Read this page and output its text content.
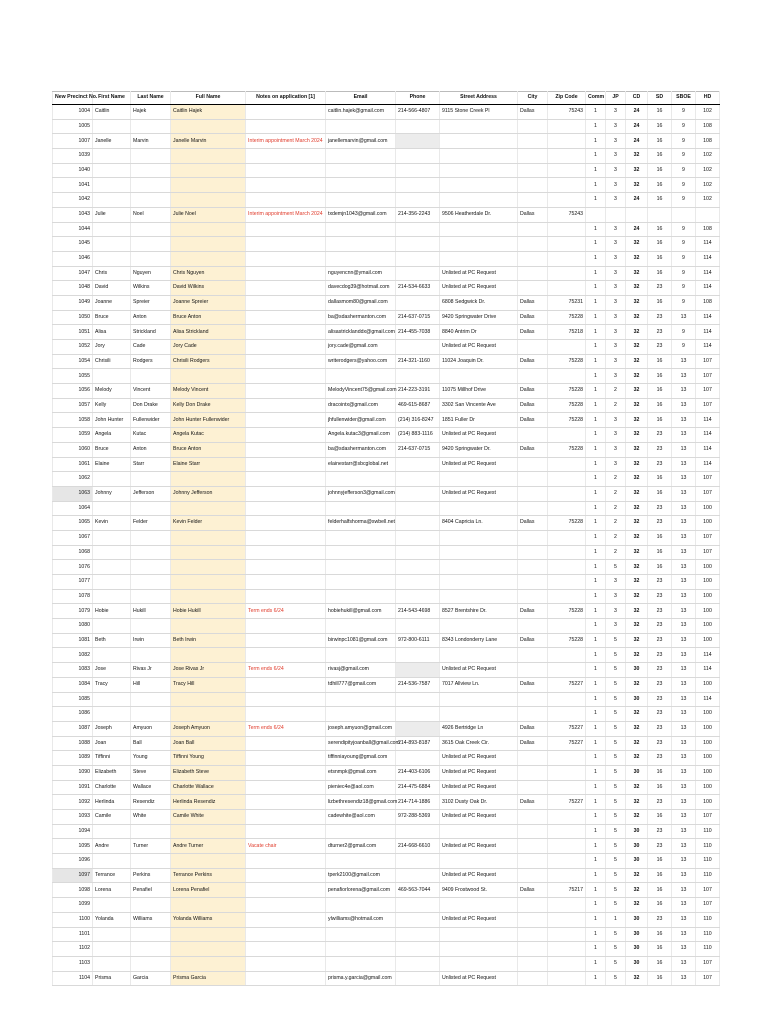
New Precinct No.	First Name	Last Name	Full Name	Notes on application [1]	Email	Phone	Street Address	City	Zip Code	Comm	JP	CD	SD	SBOE	HD
1004	Caitlin	Hajek	Caitlin Hajek		caitlin.hajek@gmail.com	214-566-4807	9115 Stone Creek Pl	Dallas	75243	1	3	24	16	9	102
1005										1	3	24	16	9	108
1007	Janelle	Marvin	Janelle Marvin	Interim appointment March 2024	janellemarvin@gmail.com					1	3	24	16	9	108
1039										1	3	32	16	9	102
1040										1	3	32	16	9	102
1041										1	3	32	16	9	102
1042										1	3	24	16	9	102
1043	Julie	Noel	Julie Noel	Interim appointment March 2024	txdemjn1043@gmail.com	214-356-2243	9506 Heatherdale Dr.	Dallas	75243						
1044										1	3	24	16	9	108
1045										1	3	32	16	9	114
1046										1	3	32	16	9	114
1047	Chris	Nguyen	Chris Nguyen		nguyencnn@ymail.com		Unlisted at PC Request			1	3	32	16	9	114
1048	David	Wilkins	David Wilkins		davecdog39@hotmail.com	214-534-6633	Unlisted at PC Request			1	3	32	23	9	114
1049	Joanne	Spreier	Joanne Spreier		dallasmom80@gmail.com		6808 Sedgwick Dr.	Dallas	75231	1	3	32	16	9	108
1050	Bruce	Anton	Bruce Anton		ba@sdashermanton.com	214-637-0715	9420 Springwater Drive	Dallas	75228	1	3	32	23	13	114
1051	Alisa	Strickland	Alisa Strickland		alisastricklanddx@gmail.com	214-455-7038	8840 Antrim Dr	Dallas	75218	1	3	32	23	9	114
1052	Jory	Cade	Jory Cade		jory.cade@gmail.com		Unlisted at PC Request			1	3	32	23	9	114
1054	Chrisili	Rodgers	Chrisili Rodgers		writerodgers@yahoo.com	214-321-1160	11024 Joaquin Dr.	Dallas	75228	1	3	32	16	13	107
1055										1	3	32	16	13	107
1056	Melody	Vincent	Melody Vincent		MelodyVincent75@gmail.com	214-223-3191	11075 Millhof Drive	Dallas	75228	1	2	32	16	13	107
1057	Kelly	Don Drake	Kelly Don Drake		dracointx@gmail.com	469-615-8687	3302 San Vincente Ave	Dallas	75228	1	2	32	16	13	107
1058	John Hunter	Fullenwider	John Hunter Fullenwider		jhfullenwider@gmail.com	(214) 316-8247	1851 Fuller Dr	Dallas	75228	1	3	32	16	13	114
1059	Angela	Kutac	Angela Kutac		Angela.kutac3@gmail.com	(214) 883-1116	Unlisted at PC Request			1	3	32	23	13	114
1060	Bruce	Anton	Bruce Anton		ba@sdashermanton.com	214-637-0715	9420 Springwater Dr.	Dallas	75228	1	3	32	23	13	114
1061	Elaine	Starr	Elaine Starr		elainestarr@sbcglobal.net		Unlisted at PC Request			1	3	32	23	13	114
1062										1	2	32	16	13	107
1063	Johnny	Jefferson	Johnny Jefferson		johnnyjefferson3@gmail.com		Unlisted at PC Request			1	2	32	16	13	107
1064										1	2	32	23	13	100
1065	Kevin	Felder	Kevin Felder		felderhalfshorma@swbell.net		8404 Capricia Ln.	Dallas	75228	1	2	32	23	13	100
1067										1	2	32	16	13	107
1068										1	2	32	16	13	107
1076										1	5	32	16	13	100
1077										1	3	32	23	13	100
1078										1	3	32	23	13	100
1079	Hobie	Hukill	Hobie Hukill	Term ends 6/24	hobiehukill@gmail.com	214-543-4698	8527 Brentshire Dr.	Dallas	75228	1	3	32	23	13	100
1080										1	3	32	23	13	100
1081	Beth	Irwin	Beth Irwin		birwinpc1081@gmail.com	972-800-6111	8343 Londonderry Lane	Dallas	75228	1	5	32	23	13	100
1082										1	5	32	23	13	114
1083	Jose	Rivas Jr	Jose Rivas Jr	Term ends 6/24	rivasj@gmail.com		Unlisted at PC Request			1	5	30	23	13	114
1084	Tracy	Hill	Tracy Hill		tdhill777@gmail.com	214-536-7587	7017 Allview Ln.	Dallas	75227	1	5	32	23	13	100
1085										1	5	30	23	13	114
1086										1	5	32	23	13	100
1087	Joseph	Amyuon	Joseph Amyuon	Term ends 6/24	joseph.amyuon@gmail.com		4926 Bertridge Ln	Dallas	75227	1	5	32	23	13	100
1088	Joan	Ball	Joan Ball		serendipityjoanball@gmail.com	214-893-8187	3615 Oak Creek Cir.	Dallas	75227	1	5	32	23	13	100
1089	Tiffinni	Young	Tiffinni Young		tiffinniayoung@gmail.com		Unlisted at PC Request			1	5	32	23	13	100
1090	Elizabeth	Steve	Elizabeth Steve		etsnmpk@gmail.com	214-403-6106	Unlisted at PC Request			1	5	30	16	13	100
1091	Charlotte	Wallace	Charlotte Wallace		pieniec4e@aol.com	214-475-6884	Unlisted at PC Request			1	5	32	16	13	100
1092	Herlinda	Resendiz	Herlinda Resendiz		lizbethresendiz18@gmail.com	214-714-1886	3102 Dusty Oak Dr.	Dallas	75227	1	5	32	23	13	100
1093	Camile	White	Camile White		cadewhite@aol.com	972-288-5369	Unlisted at PC Request			1	5	32	16	13	107
1094										1	5	30	23	13	110
1095	Andre	Turner	Andre Turner	Vacate chair	dturner2@gmail.com	214-668-6610	Unlisted at PC Request			1	5	30	23	13	110
1096										1	5	30	16	13	110
1097	Terrance	Perkins	Terrance Perkins		tperk2100@gmail.com		Unlisted at PC Request			1	5	32	16	13	110
1098	Lorena	Penafiel	Lorena Penafiel		penafiorlorena@gmail.com	469-563-7044	9409 Frostwood St.	Dallas	75217	1	5	32	16	13	107
1099										1	5	32	16	13	107
1100	Yolanda	Williams	Yolanda Williams		ylwilliams@hotmail.com		Unlisted at PC Request			1	1	30	23	13	110
1101										1	5	30	16	13	110
1102										1	5	30	16	13	110
1103										1	5	30	16	13	107
1104	Prisma	Garcia	Prisma Garcia		prisma.y.garcia@gmail.com		Unlisted at PC Request			1	5	32	16	13	107
